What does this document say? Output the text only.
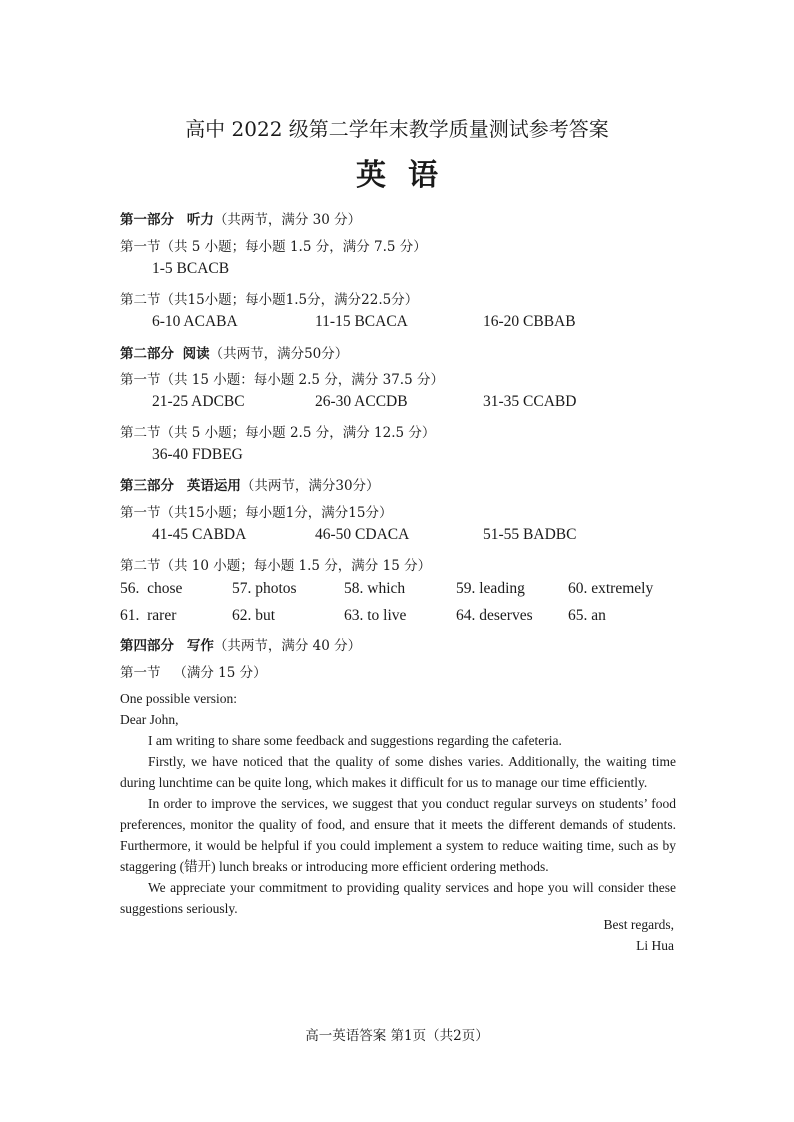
高中 2022 级第二学年末教学质量测试参考答案
英语
第一部分 听力（共两节，满分 30 分）
第一节（共 5 小题；每小题 1.5 分，满分 7.5 分）
1-5 BCACB
第二节（共15小题；每小题1.5分，满分22.5分）
6-10 ACABA	11-15 BCACA	16-20 CBBAB
第二部分 阅读（共两节，满分50分）
第一节（共 15 小题：每小题 2.5 分，满分 37.5 分）
21-25 ADCBC	26-30 ACCDB	31-35 CCABD
第二节（共 5 小题；每小题 2.5 分，满分 12.5 分）
36-40 FDBEG
第三部分 英语运用（共两节，满分30分）
第一节（共15小题；每小题1分，满分15分）
41-45 CABDA	46-50 CDACA	51-55 BADBC
第二节（共 10 小题；每小题 1.5 分，满分 15 分）
56.  chose	57. photos	58. which	59. leading	60. extremely
61.  rarer	62. but	63. to live	64. deserves 65. an
第四部分 写作（共两节，满分 40 分）
第一节 （满分 15 分）

One possible version:

Dear John,

I am writing to share some feedback and suggestions regarding the cafeteria.

Firstly, we have noticed that the quality of some dishes varies. Additionally, the waiting time during lunchtime can be quite long, which makes it difficult for us to manage our time efficiently.

In order to improve the services, we suggest that you conduct regular surveys on students’ food preferences, monitor the quality of food, and ensure that it meets the different demands of students. Furthermore, it would be helpful if you could implement a system to reduce waiting time, such as by staggering (错开) lunch breaks or introducing more efficient ordering methods.

We appreciate your commitment to providing quality services and hope you will consider these suggestions seriously.

Best regards,
Li Hua
高一英语答案 第1页（共2页）
